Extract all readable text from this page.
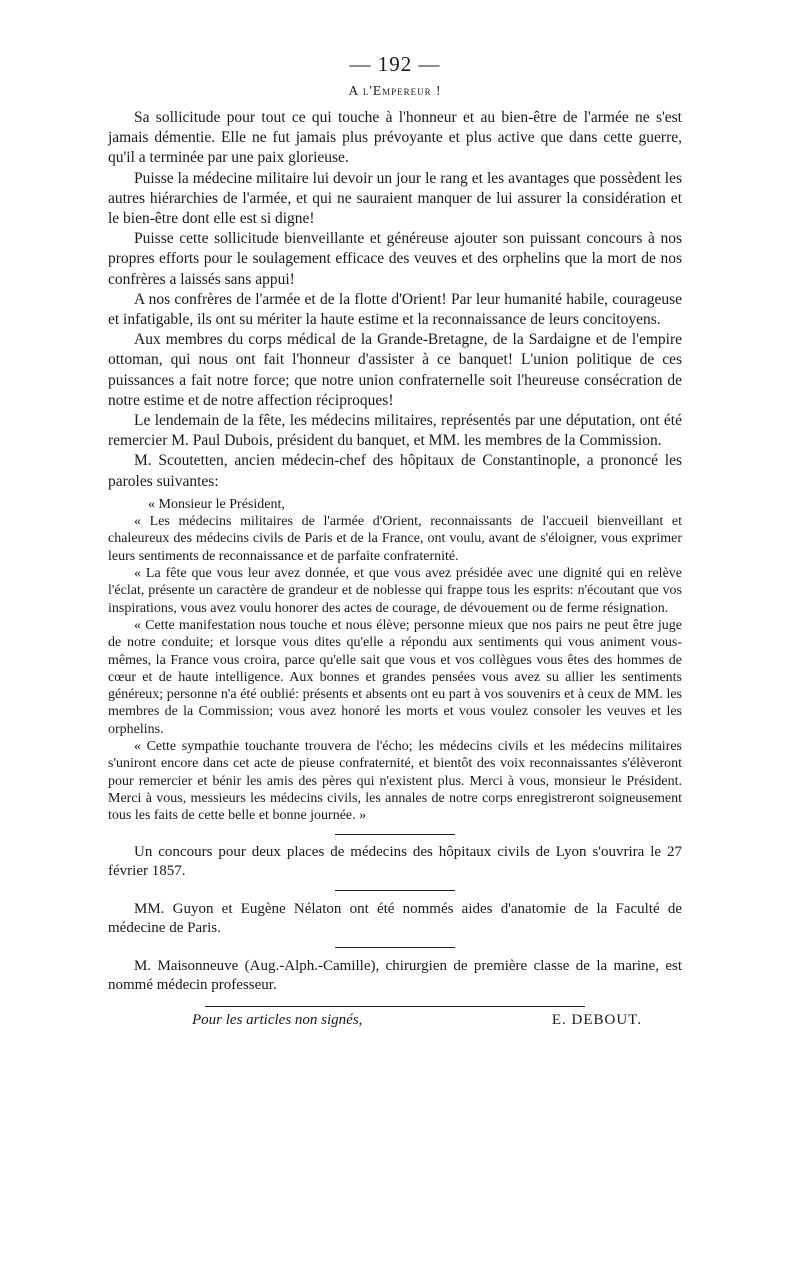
— 192 —
A l'Empereur !

Sa sollicitude pour tout ce qui touche à l'honneur et au bien-être de l'armée ne s'est jamais démentie. Elle ne fut jamais plus prévoyante et plus active que dans cette guerre, qu'il a terminée par une paix glorieuse.

Puisse la médecine militaire lui devoir un jour le rang et les avantages que possèdent les autres hiérarchies de l'armée, et qui ne sauraient manquer de lui assurer la considération et le bien-être dont elle est si digne!

Puisse cette sollicitude bienveillante et généreuse ajouter son puissant concours à nos propres efforts pour le soulagement efficace des veuves et des orphelins que la mort de nos confrères a laissés sans appui!

A nos confrères de l'armée et de la flotte d'Orient! Par leur humanité habile, courageuse et infatigable, ils ont su mériter la haute estime et la reconnaissance de leurs concitoyens.

Aux membres du corps médical de la Grande-Bretagne, de la Sardaigne et de l'empire ottoman, qui nous ont fait l'honneur d'assister à ce banquet! L'union politique de ces puissances a fait notre force; que notre union confraternelle soit l'heureuse consécration de notre estime et de notre affection réciproques!

Le lendemain de la fête, les médecins militaires, représentés par une députation, ont été remercier M. Paul Dubois, président du banquet, et MM. les membres de la Commission.

M. Scoutetten, ancien médecin-chef des hôpitaux de Constantinople, a prononcé les paroles suivantes:

« Monsieur le Président,

« Les médecins militaires de l'armée d'Orient, reconnaissants de l'accueil bienveillant et chaleureux des médecins civils de Paris et de la France, ont voulu, avant de s'éloigner, vous exprimer leurs sentiments de reconnaissance et de parfaite confraternité.

« La fête que vous leur avez donnée, et que vous avez présidée avec une dignité qui en relève l'éclat, présente un caractère de grandeur et de noblesse qui frappe tous les esprits: n'écoutant que vos inspirations, vous avez voulu honorer des actes de courage, de dévouement ou de ferme résignation.

« Cette manifestation nous touche et nous élève; personne mieux que nos pairs ne peut être juge de notre conduite; et lorsque vous dites qu'elle a répondu aux sentiments qui vous animent vous-mêmes, la France vous croira, parce qu'elle sait que vous et vos collègues vous êtes des hommes de cœur et de haute intelligence. Aux bonnes et grandes pensées vous avez su allier les sentiments généreux; personne n'a été oublié: présents et absents ont eu part à vos souvenirs et à ceux de MM. les membres de la Commission; vous avez honoré les morts et vous voulez consoler les veuves et les orphelins.

« Cette sympathie touchante trouvera de l'écho; les médecins civils et les médecins militaires s'uniront encore dans cet acte de pieuse confraternité, et bientôt des voix reconnaissantes s'élèveront pour remercier et bénir les amis des pères qui n'existent plus. Merci à vous, monsieur le Président. Merci à vous, messieurs les médecins civils, les annales de notre corps enregistreront soigneusement tous les faits de cette belle et bonne journée. »

Un concours pour deux places de médecins des hôpitaux civils de Lyon s'ouvrira le 27 février 1857.

MM. Guyon et Eugène Nélaton ont été nommés aides d'anatomie de la Faculté de médecine de Paris.

M. Maisonneuve (Aug.-Alph.-Camille), chirurgien de première classe de la marine, est nommé médecin professeur.

Pour les articles non signés,	E. DEBOUT.
